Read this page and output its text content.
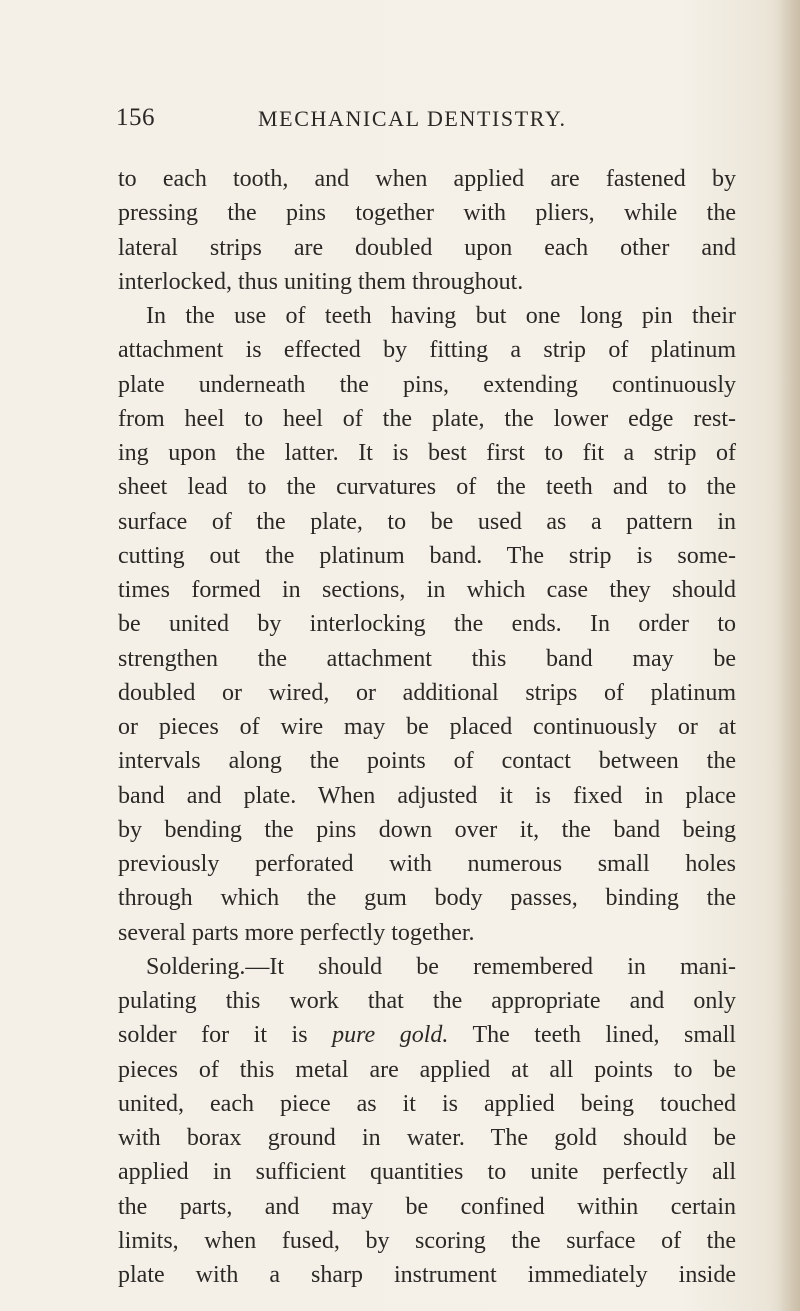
156	MECHANICAL DENTISTRY.
to each tooth, and when applied are fastened by
pressing the pins together with pliers, while the
lateral strips are doubled upon each other and
interlocked, thus uniting them throughout.
In the use of teeth having but one long pin their
attachment is effected by fitting a strip of platinum
plate underneath the pins, extending continuously
from heel to heel of the plate, the lower edge rest-
ing upon the latter. It is best first to fit a strip of
sheet lead to the curvatures of the teeth and to the
surface of the plate, to be used as a pattern in
cutting out the platinum band. The strip is some-
times formed in sections, in which case they should
be united by interlocking the ends. In order to
strengthen the attachment this band may be
doubled or wired, or additional strips of platinum
or pieces of wire may be placed continuously or at
intervals along the points of contact between the
band and plate. When adjusted it is fixed in place
by bending the pins down over it, the band being
previously perforated with numerous small holes
through which the gum body passes, binding the
several parts more perfectly together.
Soldering.—It should be remembered in mani-
pulating this work that the appropriate and only
solder for it is pure gold. The teeth lined, small
pieces of this metal are applied at all points to be
united, each piece as it is applied being touched
with borax ground in water. The gold should be
applied in sufficient quantities to unite perfectly all
the parts, and may be confined within certain
limits, when fused, by scoring the surface of the
plate with a sharp instrument immediately inside
